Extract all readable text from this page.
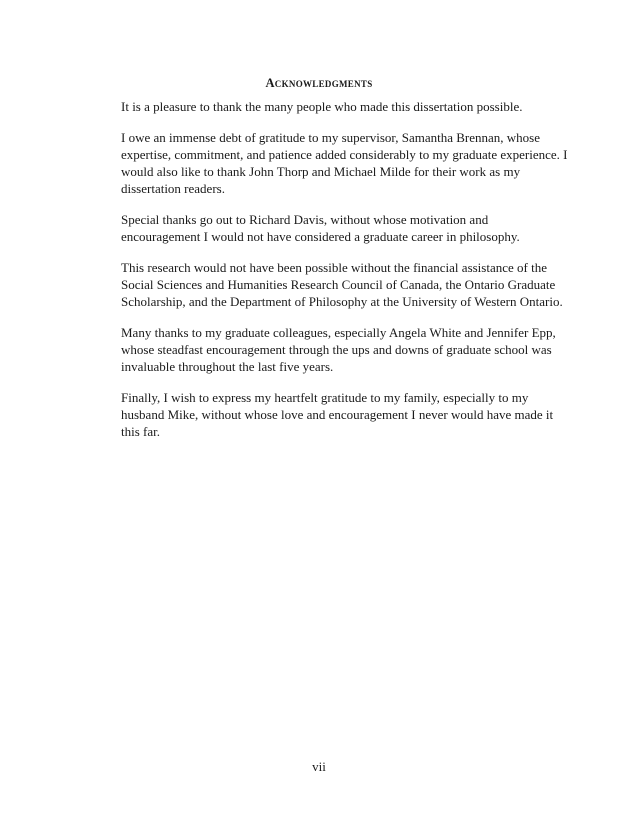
Acknowledgments

It is a pleasure to thank the many people who made this dissertation possible.

I owe an immense debt of gratitude to my supervisor, Samantha Brennan, whose expertise, commitment, and patience added considerably to my graduate experience. I would also like to thank John Thorp and Michael Milde for their work as my dissertation readers.

Special thanks go out to Richard Davis, without whose motivation and encouragement I would not have considered a graduate career in philosophy.

This research would not have been possible without the financial assistance of the Social Sciences and Humanities Research Council of Canada, the Ontario Graduate Scholarship, and the Department of Philosophy at the University of Western Ontario.

Many thanks to my graduate colleagues, especially Angela White and Jennifer Epp, whose steadfast encouragement through the ups and downs of graduate school was invaluable throughout the last five years.

Finally, I wish to express my heartfelt gratitude to my family, especially to my husband Mike, without whose love and encouragement I never would have made it this far.

vii
